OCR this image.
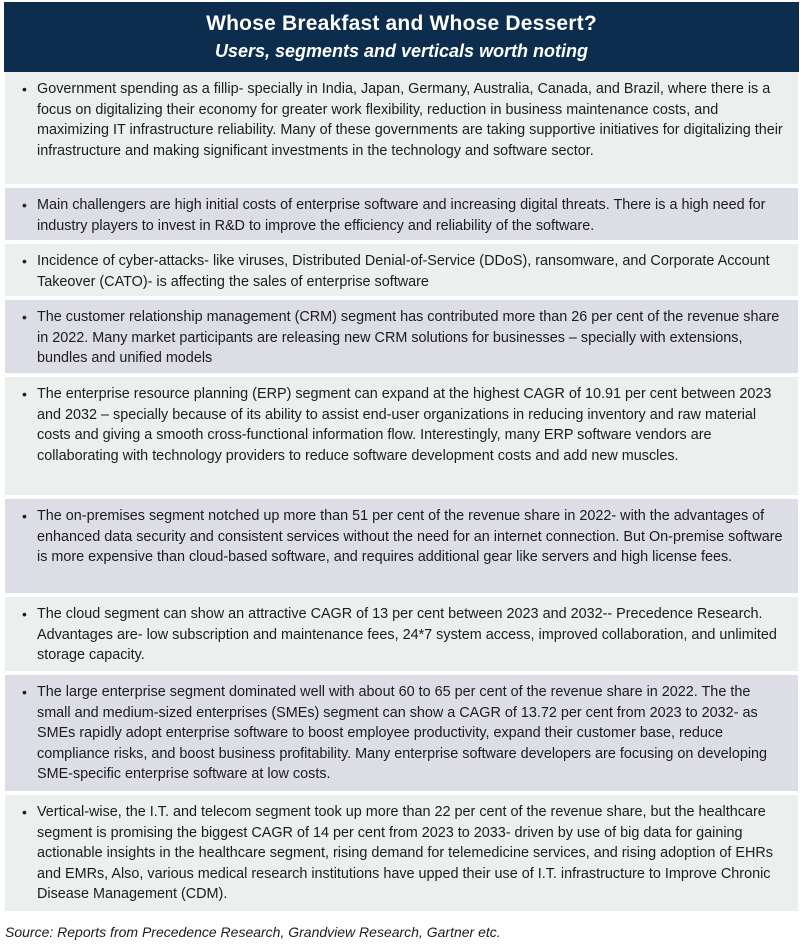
Whose Breakfast and Whose Dessert?
Users, segments and verticals worth noting
• Government spending as a fillip- specially in India, Japan, Germany, Australia, Canada, and Brazil, where there is a focus on digitalizing their economy for greater work flexibility, reduction in business maintenance costs, and maximizing IT infrastructure reliability. Many of these governments are taking supportive initiatives for digitalizing their infrastructure and making significant investments in the technology and software sector.
• Main challengers are high initial costs of enterprise software and increasing digital threats. There is a high need for industry players to invest in R&D to improve the efficiency and reliability of the software.
• Incidence of cyber-attacks- like viruses, Distributed Denial-of-Service (DDoS), ransomware, and Corporate Account Takeover (CATO)- is affecting the sales of enterprise software
• The customer relationship management (CRM) segment has contributed more than 26 per cent of the revenue share in 2022. Many market participants are releasing new CRM solutions for businesses – specially with extensions, bundles and unified models
• The enterprise resource planning (ERP) segment can expand at the highest CAGR of 10.91 per cent between 2023 and 2032 – specially because of its ability to assist end-user organizations in reducing inventory and raw material costs and giving a smooth cross-functional information flow. Interestingly, many ERP software vendors are collaborating with technology providers to reduce software development costs and add new muscles.
• The on-premises segment notched up more than 51 per cent of the revenue share in 2022- with the advantages of enhanced data security and consistent services without the need for an internet connection. But On-premise software is more expensive than cloud-based software, and requires additional gear like servers and high license fees.
• The cloud segment can show an attractive CAGR of 13 per cent between 2023 and 2032-- Precedence Research. Advantages are- low subscription and maintenance fees, 24*7 system access, improved collaboration, and unlimited storage capacity.
• The large enterprise segment dominated well with about 60 to 65 per cent of the revenue share in 2022. The the small and medium-sized enterprises (SMEs) segment can show a CAGR of 13.72 per cent from 2023 to 2032- as SMEs rapidly adopt enterprise software to boost employee productivity, expand their customer base, reduce compliance risks, and boost business profitability. Many enterprise software developers are focusing on developing SME-specific enterprise software at low costs.
• Vertical-wise, the I.T. and telecom segment took up more than 22 per cent of the revenue share, but the healthcare segment is promising the biggest CAGR of 14 per cent from 2023 to 2033- driven by use of big data for gaining actionable insights in the healthcare segment, rising demand for telemedicine services, and rising adoption of EHRs and EMRs, Also, various medical research institutions have upped their use of I.T. infrastructure to Improve Chronic Disease Management (CDM).
Source: Reports from Precedence Research, Grandview Research, Gartner etc.
